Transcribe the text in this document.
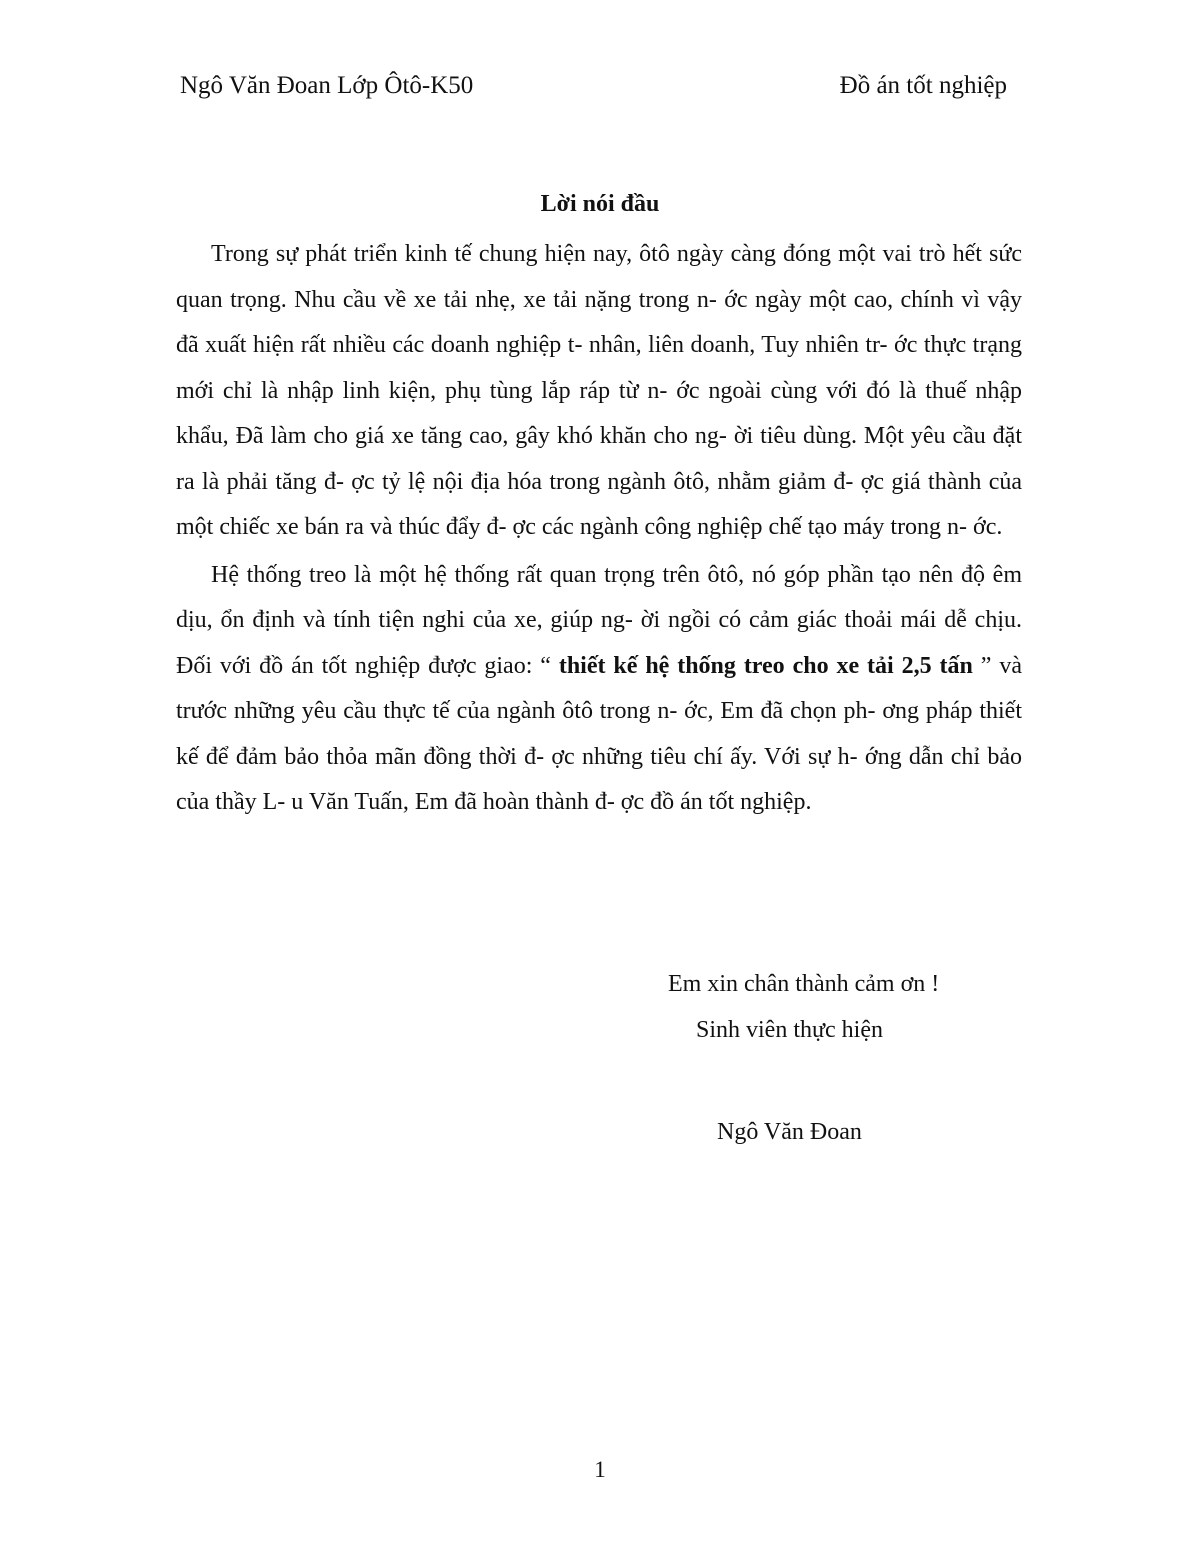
Ngô Văn Đoan Lớp Ôtô-K50	Đồ án tốt nghiệp
Lời nói đầu

Trong sự phát triển kinh tế chung hiện nay, ôtô ngày càng đóng một vai trò hết sức quan trọng. Nhu cầu về xe tải nhẹ, xe tải nặng trong n- ớc ngày một cao, chính vì vậy đã xuất hiện rất nhiều các doanh nghiệp t- nhân, liên doanh, Tuy nhiên tr- ớc thực trạng mới chỉ là nhập linh kiện, phụ tùng lắp ráp từ n- ớc ngoài cùng với đó là thuế nhập khẩu, Đã làm cho giá xe tăng cao, gây khó khăn cho ng- ời tiêu dùng. Một yêu cầu đặt ra là phải tăng đ- ợc tỷ lệ nội địa hóa trong ngành ôtô, nhằm giảm đ- ợc giá thành của một chiếc xe bán ra và thúc đẩy đ- ợc các ngành công nghiệp chế tạo máy trong n- ớc.

Hệ thống treo là một hệ thống rất quan trọng trên ôtô, nó góp phần tạo nên độ êm dịu, ổn định và tính tiện nghi của xe, giúp ng- ời ngồi có cảm giác thoải mái dễ chịu. Đối với đồ án tốt nghiệp được giao: “ thiết kế hệ thống treo cho xe tải 2,5 tấn ” và trước những yêu cầu thực tế của ngành ôtô trong n- ớc, Em đã chọn ph- ơng pháp thiết kế để đảm bảo thỏa mãn đồng thời đ- ợc những tiêu chí ấy. Với sự h- ớng dẫn chỉ bảo của thầy L- u Văn Tuấn, Em đã hoàn thành đ- ợc đồ án tốt nghiệp.

Em xin chân thành cảm ơn !
Sinh viên thực hiện
Ngô Văn Đoan
1
